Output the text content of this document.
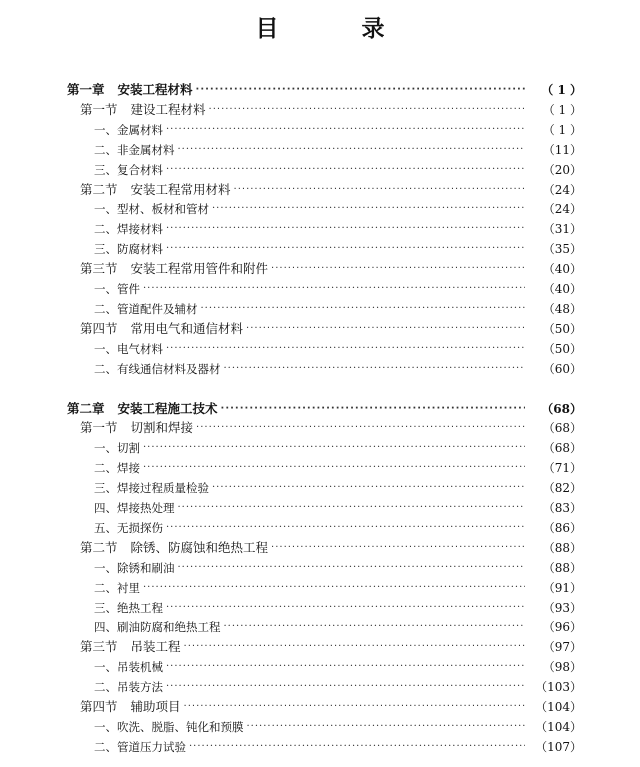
目　录
第一章 安装工程材料 ·····	（ 1 ）
第一节 建设工程材料 ·····	（ 1 ）
一、 金属材料 ·····	（ 1 ）
二、 非金属材料 ·····	（11）
三、 复合材料 ·····	（20）
第二节 安装工程常用材料 ·····	（24）
一、 型材、板材和管材 ·····	（24）
二、 焊接材料 ·····	（31）
三、 防腐材料 ·····	（35）
第三节 安装工程常用管件和附件 ·····	（40）
一、 管件 ·····	（40）
二、 管道配件及辅材 ·····	（48）
第四节 常用电气和通信材料 ·····	（50）
一、 电气材料 ·····	（50）
二、 有线通信材料及器材 ·····	（60）
第二章 安装工程施工技术 ·····	（68）
第一节 切割和焊接 ·····	（68）
一、 切割 ·····	（68）
二、 焊接 ·····	（71）
三、 焊接过程质量检验 ·····	（82）
四、 焊接热处理 ·····	（83）
五、 无损探伤 ·····	（86）
第二节 除锈、防腐蚀和绝热工程 ·····	（88）
一、 除锈和刷油 ·····	（88）
二、 衬里 ·····	（91）
三、 绝热工程 ·····	（93）
四、 刷油防腐和绝热工程 ·····	（96）
第三节 吊装工程 ·····	（97）
一、 吊装机械 ·····	（98）
二、 吊装方法 ·····	（103）
第四节 辅助项目 ·····	（104）
一、 吹洗、脱脂、钝化和预膜 ·····	（104）
二、 管道压力试验 ·····	（107）
